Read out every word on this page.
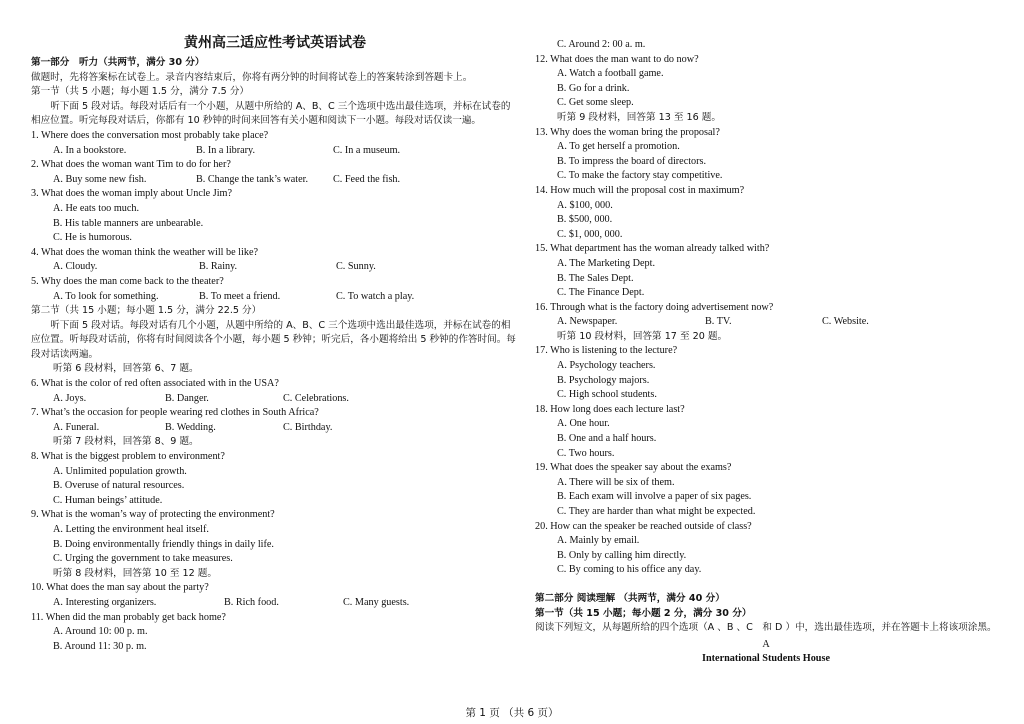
黄州高三适应性考试英语试卷
第一部分　听力（共两节，满分 30 分）
做题时，先将答案标在试卷上。录音内容结束后，你将有两分钟的时间将试卷上的答案转涂到答题卡上。
第一节（共 5 小题；每小题 1.5 分，满分 7.5 分）
听下面 5 段对话。每段对话后有一个小题，从题中所给的 A、B、C 三个选项中选出最佳选项，并标在试卷的相应位置。听完每段对话后，你都有 10 秒钟的时间来回答有关小题和阅读下一小题。每段对话仅读一遍。
1. Where does the conversation most probably take place?
A. In a bookstore.	B. In a library.	C. In a museum.
2. What does the woman want Tim to do for her?
A. Buy some new fish.	B. Change the tank’s water.	C. Feed the fish.
3. What does the woman imply about Uncle Jim?
A. He eats too much.
B. His table manners are unbearable.
C. He is humorous.
4. What does the woman think the weather will be like?
A. Cloudy.	B. Rainy.	C. Sunny.
5. Why does the man come back to the theater?
A. To look for something.	B. To meet a friend.	C. To watch a play.
第二节（共 15 小题；每小题 1.5 分，满分 22.5 分）
听下面 5 段对话。每段对话有几个小题，从题中所给的 A、B、C 三个选项中选出最佳选项，并标在试卷的相应位置。听每段对话前，你将有时间阅读各个小题，每小题 5 秒钟；听完后，各小题将给出 5 秒钟的作答时间。每段对话读两遍。
听第 6 段材料，回答第 6、7 题。
6. What is the color of red often associated with in the USA?
A. Joys.	B. Danger.	C. Celebrations.
7. What’s the occasion for people wearing red clothes in South Africa?
A. Funeral.	B. Wedding.	C. Birthday.
听第 7 段材料，回答第 8、9 题。
8. What is the biggest problem to environment?
A. Unlimited population growth.
B. Overuse of natural resources.
C. Human beings’ attitude.
9. What is the woman’s way of protecting the environment?
A. Letting the environment heal itself.
B. Doing environmentally friendly things in daily life.
C. Urging the government to take measures.
听第 8 段材料，回答第 10 至 12 题。
10. What does the man say about the party?
A. Interesting organizers.	B. Rich food.	C. Many guests.
11. When did the man probably get back home?
A. Around 10: 00 p. m.
B. Around 11: 30 p. m.
C. Around 2: 00 a. m.
12. What does the man want to do now?
A. Watch a football game.
B. Go for a drink.
C. Get some sleep.
听第 9 段材料，回答第 13 至 16 题。
13. Why does the woman bring the proposal?
A. To get herself a promotion.
B. To impress the board of directors.
C. To make the factory stay competitive.
14. How much will the proposal cost in maximum?
A. $100, 000.
B. $500, 000.
C. $1, 000, 000.
15. What department has the woman already talked with?
A. The Marketing Dept.
B. The Sales Dept.
C. The Finance Dept.
16. Through what is the factory doing advertisement now?
A. Newspaper.	B. TV.	C. Website.
听第 10 段材料，回答第 17 至 20 题。
17. Who is listening to the lecture?
A. Psychology teachers.
B. Psychology majors.
C. High school students.
18. How long does each lecture last?
A. One hour.
B. One and a half hours.
C. Two hours.
19. What does the speaker say about the exams?
A. There will be six of them.
B. Each exam will involve a paper of six pages.
C. They are harder than what might be expected.
20. How can the speaker be reached outside of class?
A. Mainly by email.
B. Only by calling him directly.
C. By coming to his office any day.
第二部分 阅读理解 （共两节，满分 40 分）
第一节（共 15 小题；每小题 2 分，满分 30 分）
阅读下列短文，从每题所给的四个选项（A 、B 、C　和 D ）中，选出最佳选项，并在答题卡上将该项涂黑。
A
International Students House
第 1 页 （共 6 页）
